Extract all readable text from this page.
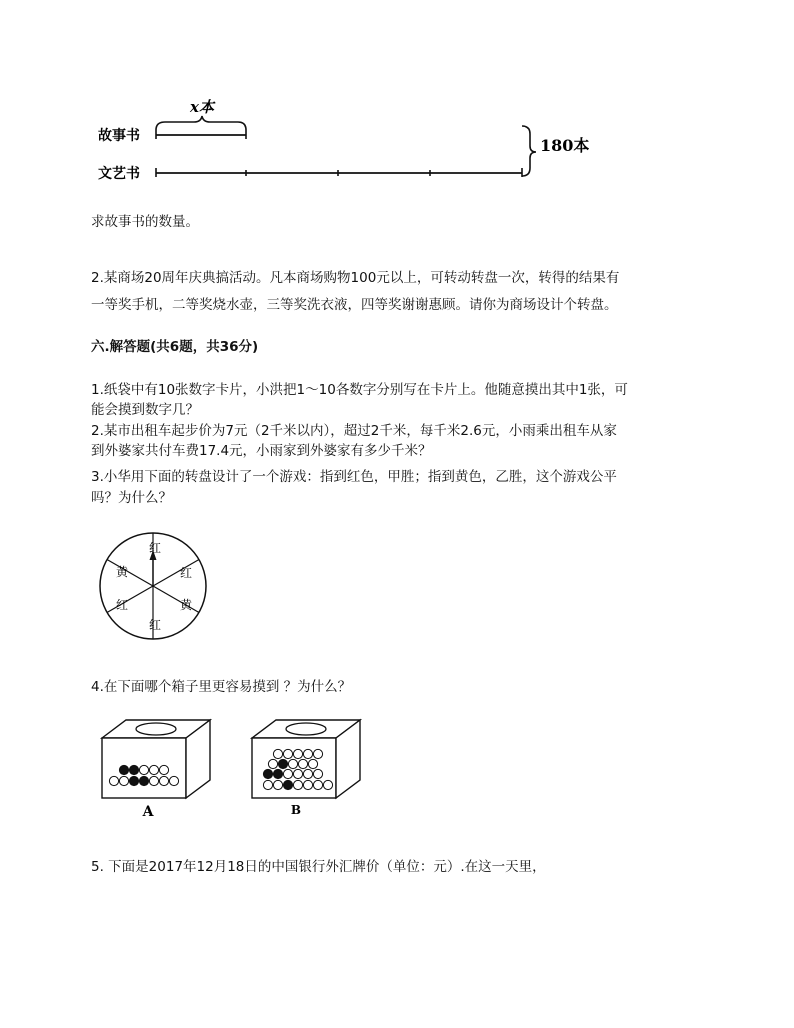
x本
故事书
文艺书
180本
求故事书的数量。
2.某商场20周年庆典搞活动。凡本商场购物100元以上，可转动转盘一次，转得的结果有
一等奖手机，二等奖烧水壶，三等奖洗衣液，四等奖谢谢惠顾。请你为商场设计个转盘。
六.解答题(共6题，共36分)
1.纸袋中有10张数字卡片，小洪把1～10各数字分别写在卡片上。他随意摸出其中1张，可
能会摸到数字几？
2.某市出租车起步价为7元（2千米以内），超过2千米，每千米2.6元，小雨乘出租车从家
到外婆家共付车费17.4元，小雨家到外婆家有多少千米？
3.小华用下面的转盘设计了一个游戏：指到红色，甲胜；指到黄色，乙胜，这个游戏公平
吗？为什么？
红
红
黄
红
红
黄
4.在下面哪个箱子里更容易摸到 ？为什么？
A	B
5. 下面是2017年12月18日的中国银行外汇牌价（单位：元）.在这一天里，
